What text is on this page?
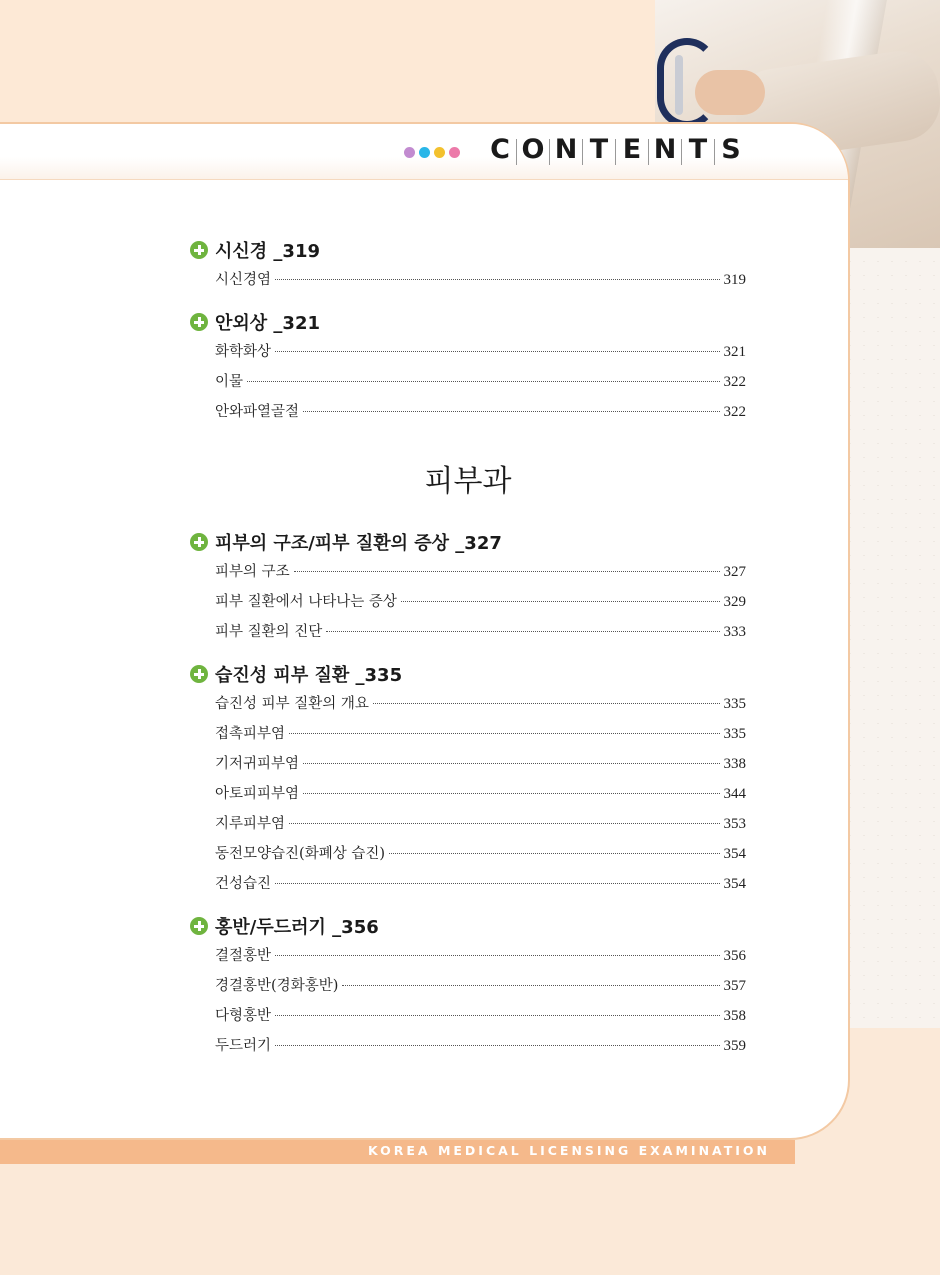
C O N T E N T S
시신경 _319
시신경염	319
안외상 _321
화학화상	321
이물	322
안와파열골절	322
피부과
피부의 구조/피부 질환의 증상 _327
피부의 구조	327
피부 질환에서 나타나는 증상	329
피부 질환의 진단	333
습진성 피부 질환 _335
습진성 피부 질환의 개요	335
접촉피부염	335
기저귀피부염	338
아토피피부염	344
지루피부염	353
동전모양습진(화폐상 습진)	354
건성습진	354
홍반/두드러기 _356
결절홍반	356
경결홍반(경화홍반)	357
다형홍반	358
두드러기	359
KOREA MEDICAL LICENSING EXAMINATION
